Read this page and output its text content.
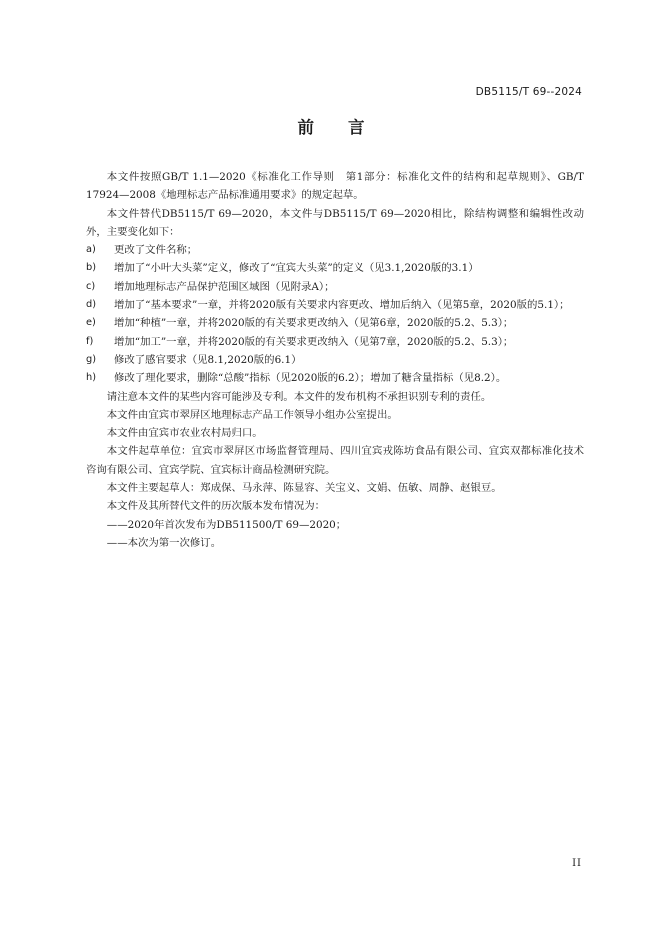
DB5115/T 69--2024
前言

本文件按照GB/T 1.1—2020《标准化工作导则　第1部分：标准化文件的结构和起草规则》、GB/T 17924—2008《地理标志产品标准通用要求》的规定起草。

本文件替代DB5115/T 69—2020，本文件与DB5115/T 69—2020相比，除结构调整和编辑性改动外，主要变化如下：

a) 更改了文件名称；

b) 增加了“小叶大头菜”定义，修改了“宜宾大头菜”的定义（见3.1,2020版的3.1）

c) 增加地理标志产品保护范围区域图（见附录A）；

d) 增加了“基本要求”一章，并将2020版有关要求内容更改、增加后纳入（见第5章，2020版的5.1）；

e) 增加“种植”一章，并将2020版的有关要求更改纳入（见第6章，2020版的5.2、5.3）；

f) 增加“加工”一章，并将2020版的有关要求更改纳入（见第7章，2020版的5.2、5.3）；

g) 修改了感官要求（见8.1,2020版的6.1）

h) 修改了理化要求，删除“总酸”指标（见2020版的6.2）；增加了糖含量指标（见8.2）。

请注意本文件的某些内容可能涉及专利。本文件的发布机构不承担识别专利的责任。

本文件由宜宾市翠屏区地理标志产品工作领导小组办公室提出。

本文件由宜宾市农业农村局归口。

本文件起草单位：宜宾市翠屏区市场监督管理局、四川宜宾戎陈坊食品有限公司、宜宾双都标准化技术咨询有限公司、宜宾学院、宜宾标计商品检测研究院。

本文件主要起草人：郑成保、马永萍、陈显容、关宝义、文娟、伍敏、周静、赵银豆。

本文件及其所替代文件的历次版本发布情况为：

——2020年首次发布为DB511500/T 69—2020；

——本次为第一次修订。

II
